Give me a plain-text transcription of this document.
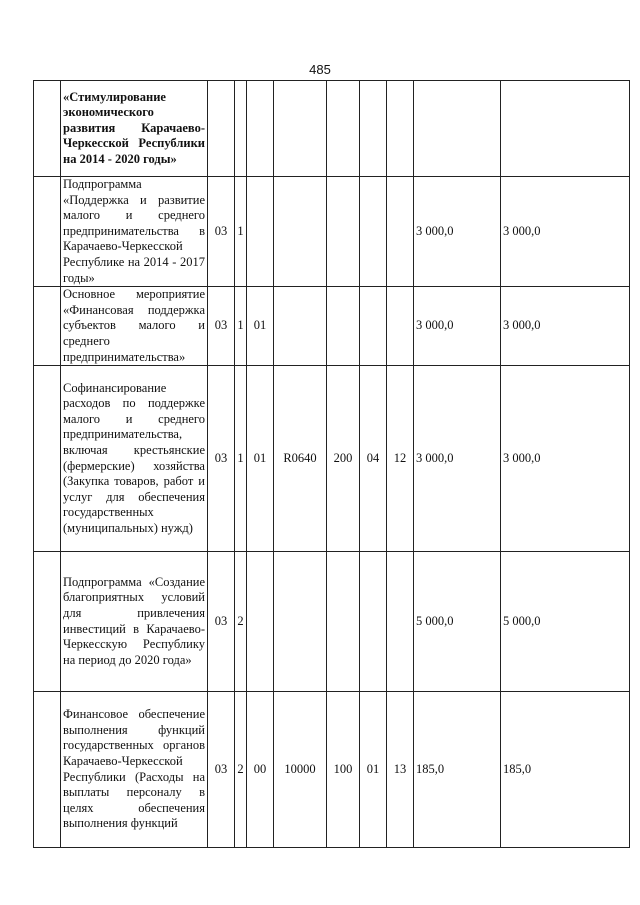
485
	«Стимулирование экономического развития Карачаево-Черкесской Республики на 2014 - 2020 годы»									
	Подпрограмма «Поддержка и развитие малого и среднего предпринимательства в Карачаево-Черкесской Республике на 2014 - 2017 годы»	03	1						3 000,0	3 000,0
	Основное мероприятие «Финансовая поддержка субъектов малого и среднего предпринимательства»	03	1	01					3 000,0	3 000,0
	Софинансирование расходов по поддержке малого и среднего предпринимательства, включая крестьянские (фермерские) хозяйства (Закупка товаров, работ и услуг для обеспечения государственных (муниципальных) нужд)	03	1	01	R0640	200	04	12	3 000,0	3 000,0
	Подпрограмма «Создание благоприятных условий для привлечения инвестиций в Карачаево-Черкесскую Республику на период до 2020 года»	03	2						5 000,0	5 000,0
	Финансовое обеспечение выполнения функций государственных органов Карачаево-Черкесской Республики (Расходы на выплаты персоналу в целях обеспечения выполнения функций	03	2	00	10000	100	01	13	185,0	185,0
